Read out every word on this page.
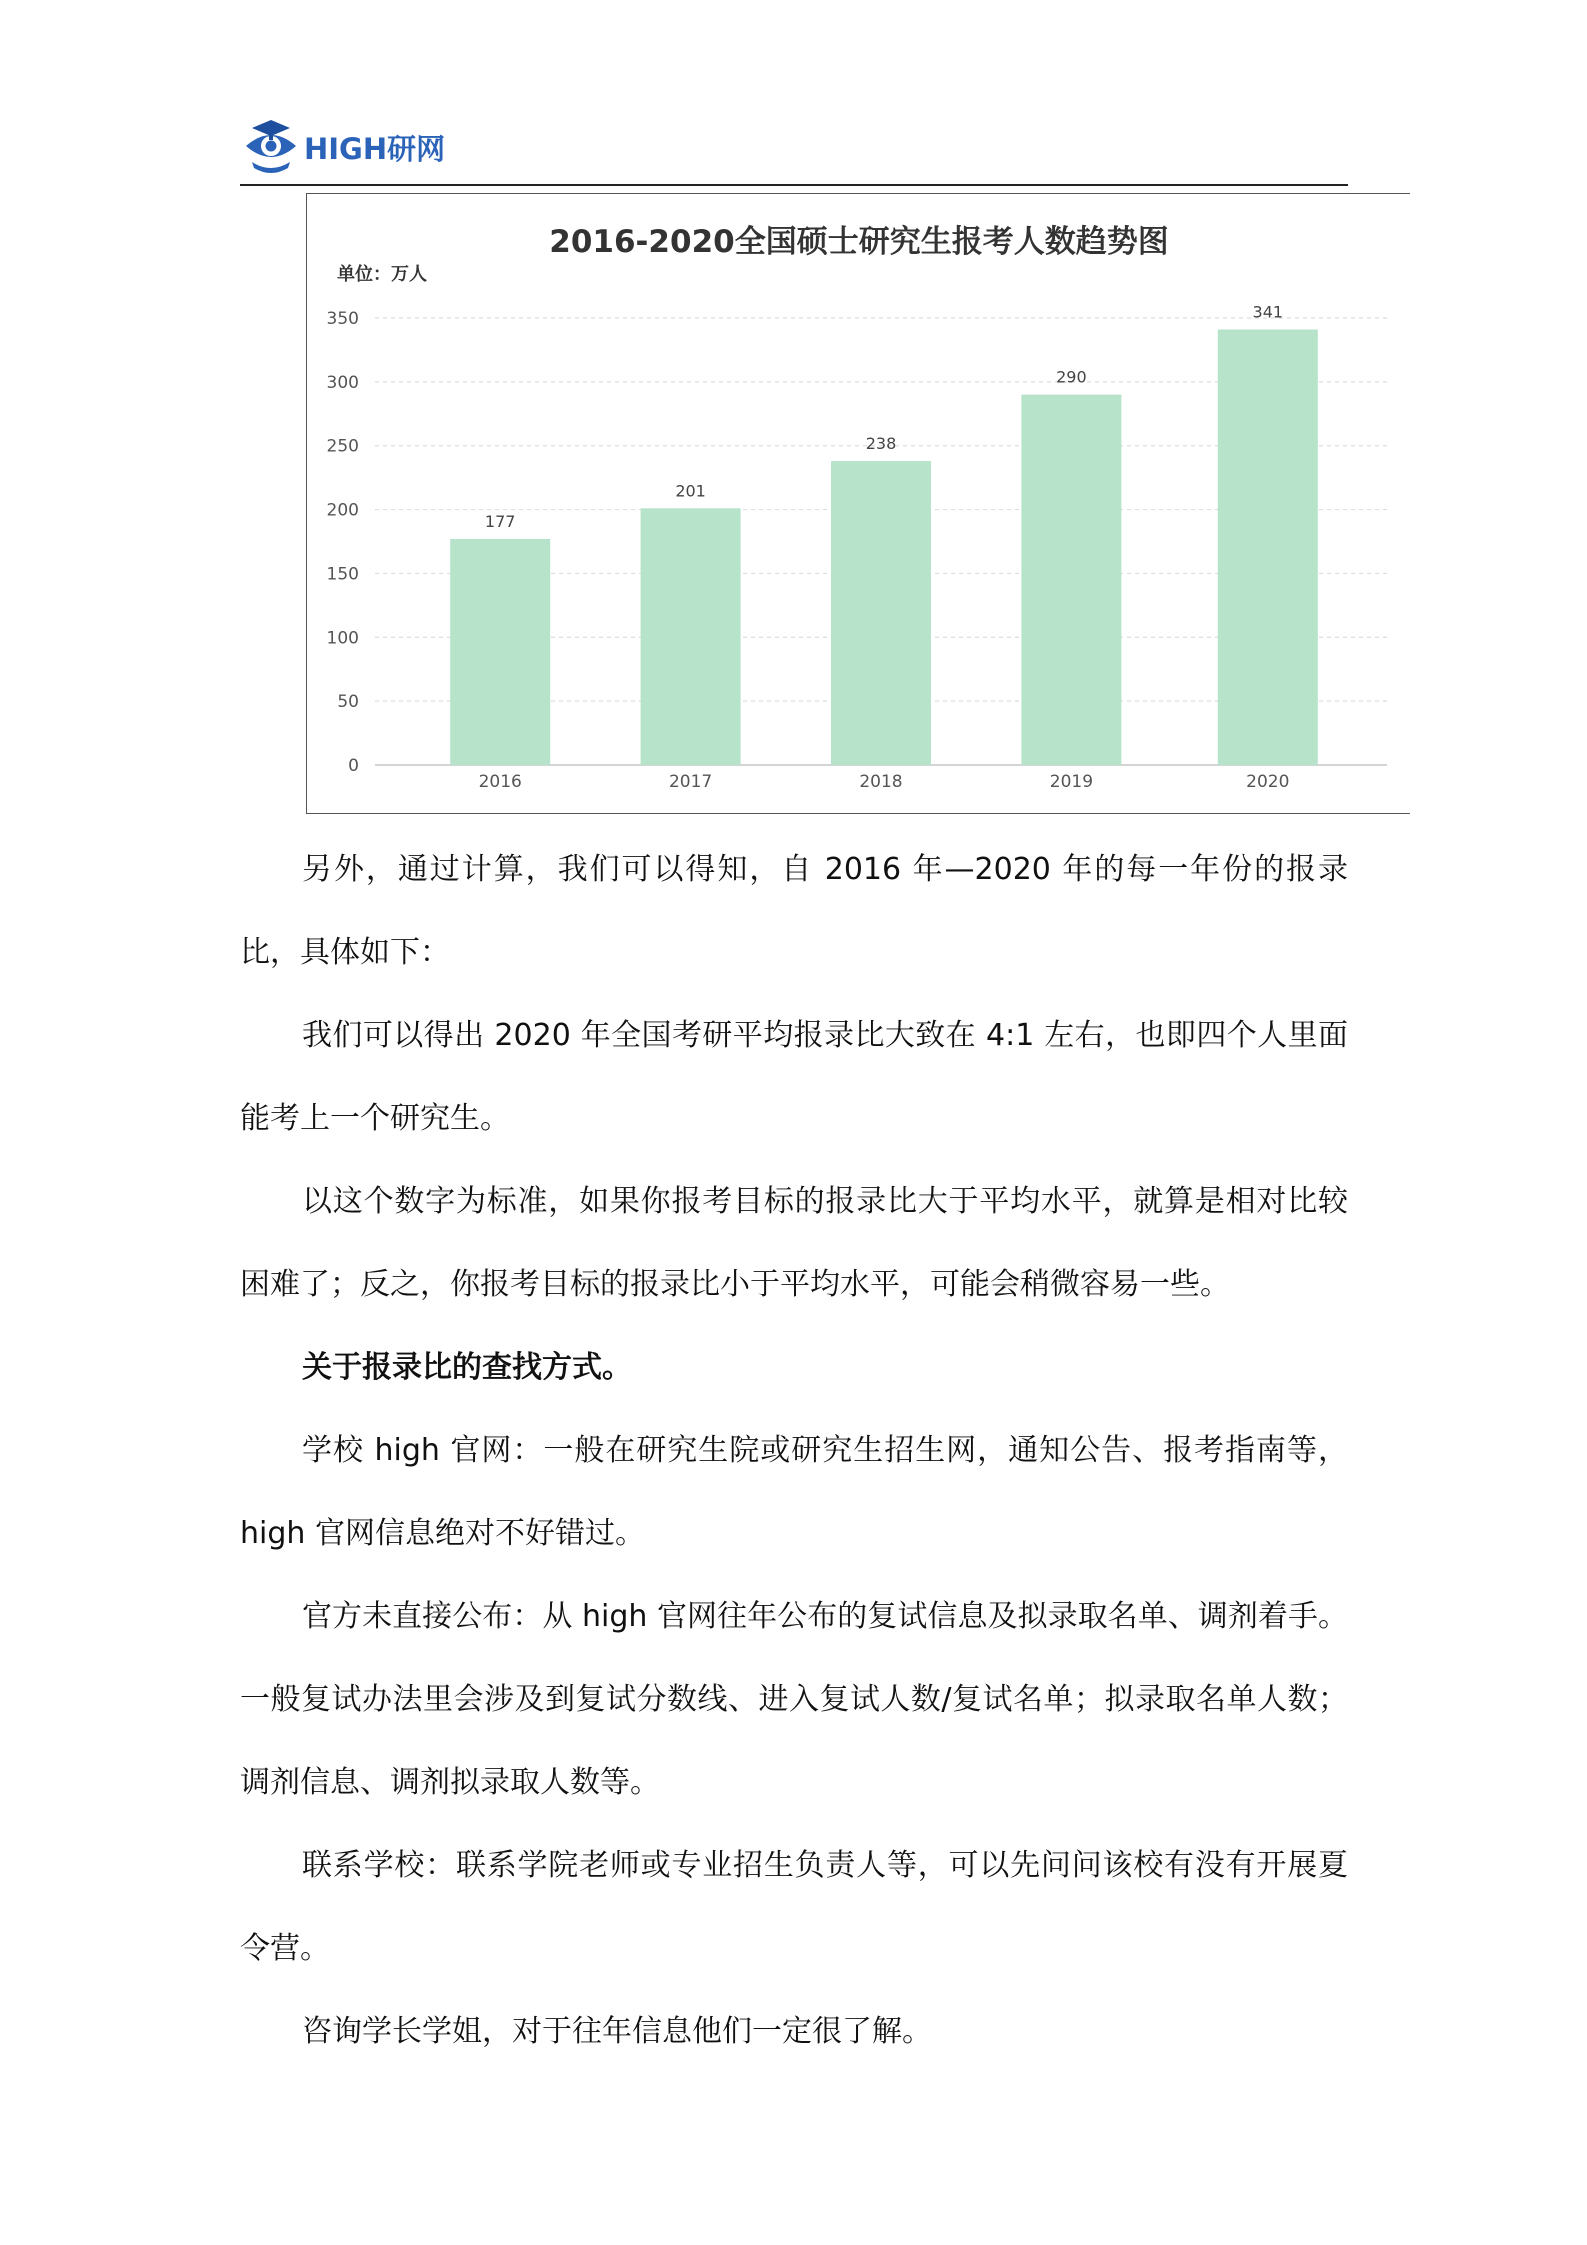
HIGH研网
2016-2020全国硕士研究生报考人数趋势图
单位：万人
0
50
100
150
200
250
300
350
177
2016
201
2017
238
2018
290
2019
341
2020

另外，通过计算，我们可以得知，自 2016 年—2020 年的每一年份的报录比，具体如下：

我们可以得出 2020 年全国考研平均报录比大致在 4:1 左右，也即四个人里面能考上一个研究生。

以这个数字为标准，如果你报考目标的报录比大于平均水平，就算是相对比较困难了；反之，你报考目标的报录比小于平均水平，可能会稍微容易一些。

关于报录比的查找方式。

学校 high 官网：一般在研究生院或研究生招生网，通知公告、报考指南等，high 官网信息绝对不好错过。

官方未直接公布：从 high 官网往年公布的复试信息及拟录取名单、调剂着手。一般复试办法里会涉及到复试分数线、进入复试人数/复试名单；拟录取名单人数；调剂信息、调剂拟录取人数等。

联系学校：联系学院老师或专业招生负责人等，可以先问问该校有没有开展夏令营。

咨询学长学姐，对于往年信息他们一定很了解。
